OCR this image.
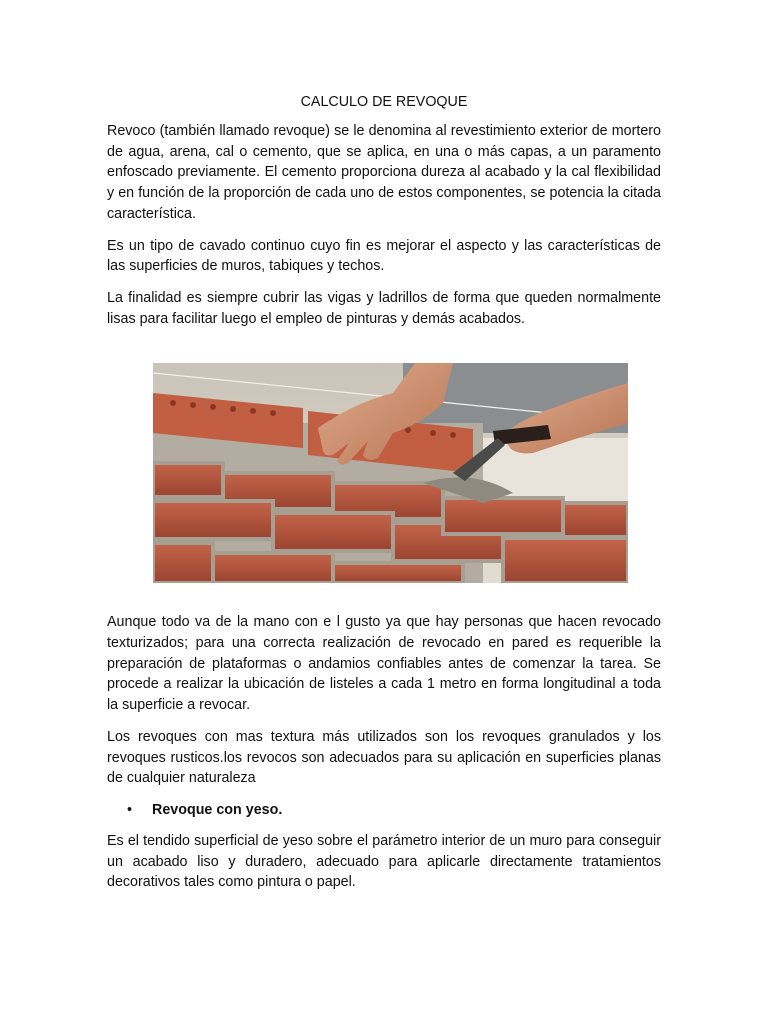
CALCULO DE REVOQUE

Revoco (también llamado revoque) se le denomina al revestimiento exterior de mortero de agua, arena, cal o cemento, que se aplica, en una o más capas, a un paramento enfoscado previamente. El cemento proporciona dureza al acabado y la cal flexibilidad y en función de la proporción de cada uno de estos componentes, se potencia la citada característica.

Es un tipo de cavado continuo cuyo fin es mejorar el aspecto y las características de las superficies de muros, tabiques y techos.

La finalidad es siempre cubrir las vigas y ladrillos de forma que queden normalmente lisas para facilitar luego el empleo de pinturas y demás acabados.

Aunque todo va de la mano con e l gusto ya que hay personas que hacen revocado texturizados; para una correcta realización de revocado en pared es requerible la preparación de plataformas o andamios confiables antes de comenzar la tarea. Se procede a realizar la ubicación de listeles a cada 1 metro en forma longitudinal a toda la superficie a revocar.

Los revoques con mas textura más utilizados son los revoques granulados y los revoques rusticos.los revocos son adecuados para su aplicación en superficies planas de cualquier naturaleza

• Revoque con yeso.

Es el tendido superficial de yeso sobre el parámetro interior de un muro para conseguir un acabado liso y duradero, adecuado para aplicarle directamente tratamientos decorativos tales como pintura o papel.
